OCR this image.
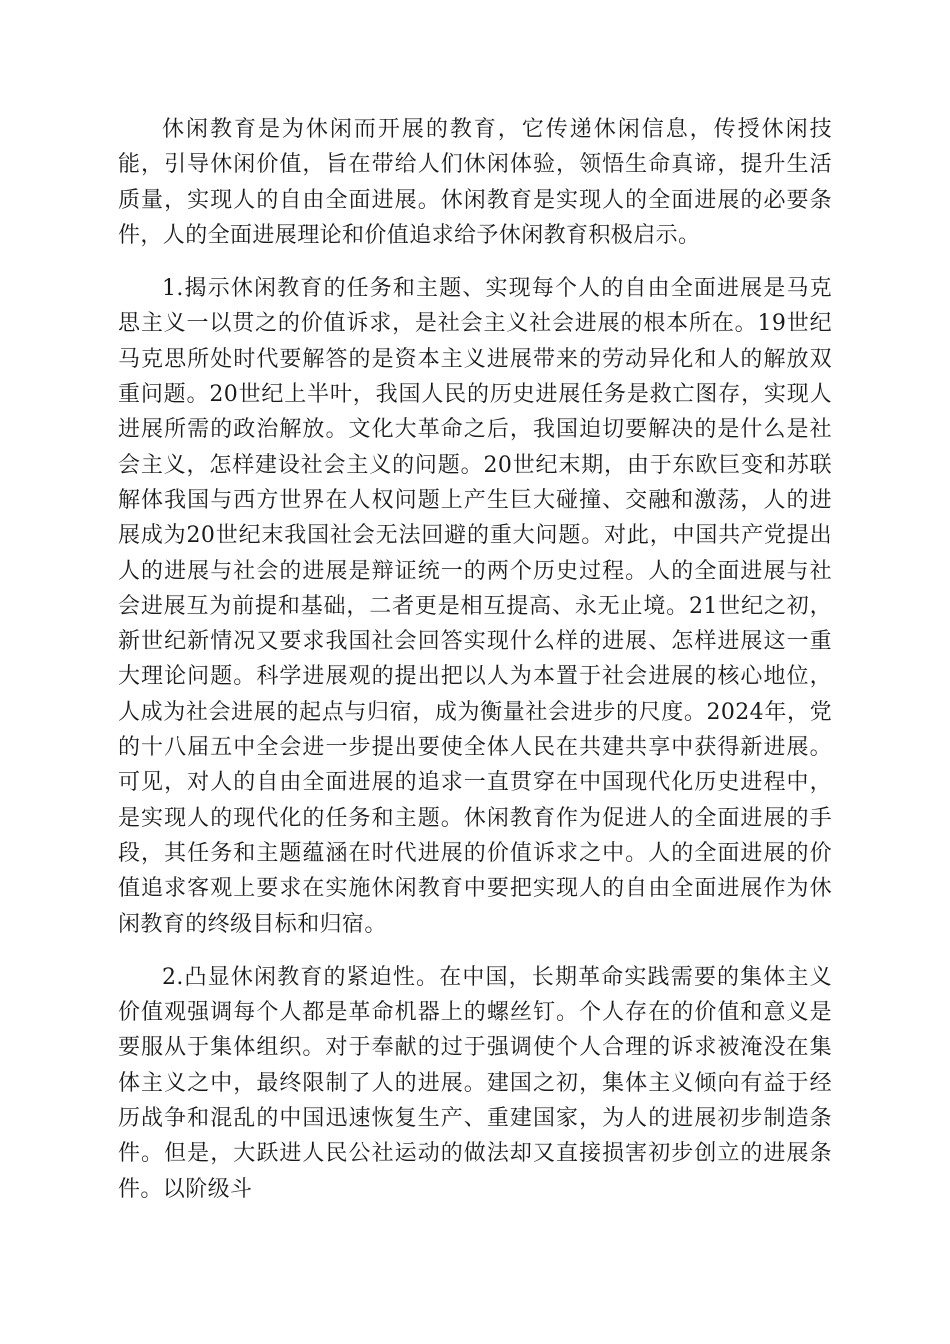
休闲教育是为休闲而开展的教育，它传递休闲信息，传授休闲技能，引导休闲价值，旨在带给人们休闲体验，领悟生命真谛，提升生活质量，实现人的自由全面进展。休闲教育是实现人的全面进展的必要条件，人的全面进展理论和价值追求给予休闲教育积极启示。

1.揭示休闲教育的任务和主题、实现每个人的自由全面进展是马克思主义一以贯之的价值诉求，是社会主义社会进展的根本所在。19世纪马克思所处时代要解答的是资本主义进展带来的劳动异化和人的解放双重问题。20世纪上半叶，我国人民的历史进展任务是救亡图存，实现人进展所需的政治解放。文化大革命之后，我国迫切要解决的是什么是社会主义，怎样建设社会主义的问题。20世纪末期，由于东欧巨变和苏联解体我国与西方世界在人权问题上产生巨大碰撞、交融和激荡，人的进展成为20世纪末我国社会无法回避的重大问题。对此，中国共产党提出人的进展与社会的进展是辩证统一的两个历史过程。人的全面进展与社会进展互为前提和基础，二者更是相互提高、永无止境。21世纪之初，新世纪新情况又要求我国社会回答实现什么样的进展、怎样进展这一重大理论问题。科学进展观的提出把以人为本置于社会进展的核心地位，人成为社会进展的起点与归宿，成为衡量社会进步的尺度。2024年，党的十八届五中全会进一步提出要使全体人民在共建共享中获得新进展。可见，对人的自由全面进展的追求一直贯穿在中国现代化历史进程中，是实现人的现代化的任务和主题。休闲教育作为促进人的全面进展的手段，其任务和主题蕴涵在时代进展的价值诉求之中。人的全面进展的价值追求客观上要求在实施休闲教育中要把实现人的自由全面进展作为休闲教育的终级目标和归宿。

2.凸显休闲教育的紧迫性。在中国，长期革命实践需要的集体主义价值观强调每个人都是革命机器上的螺丝钉。个人存在的价值和意义是要服从于集体组织。对于奉献的过于强调使个人合理的诉求被淹没在集体主义之中，最终限制了人的进展。建国之初，集体主义倾向有益于经历战争和混乱的中国迅速恢复生产、重建国家，为人的进展初步制造条件。但是，大跃进人民公社运动的做法却又直接损害初步创立的进展条件。以阶级斗
